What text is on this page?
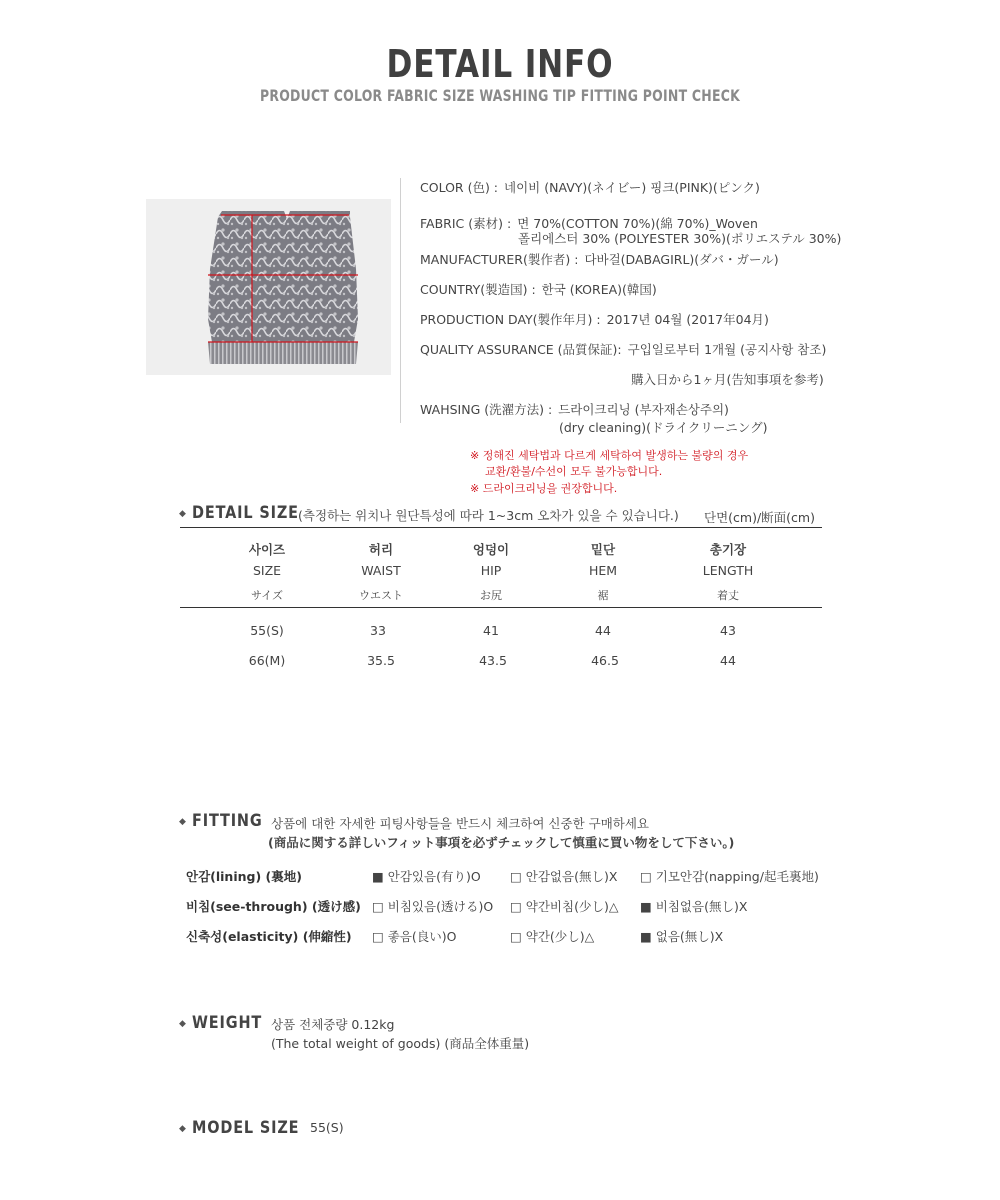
DETAIL INFO
PRODUCT COLOR FABRIC SIZE WASHING TIP FITTING POINT CHECK
COLOR (色) : 네이비 (NAVY)(ネイビー) 핑크(PINK)(ピンク)
FABRIC (素材) : 면 70%(COTTON 70%)(綿 70%)_Woven
폴리에스터 30% (POLYESTER 30%)(ポリエステル 30%)
MANUFACTURER(製作者) : 다바걸(DABAGIRL)(ダバ・ガール)
COUNTRY(製造国) : 한국 (KOREA)(韓国)
PRODUCTION DAY(製作年月) : 2017년 04월 (2017年04月)
QUALITY ASSURANCE (品質保証): 구입일로부터 1개월 (공지사항 참조)
購入日から1ヶ月(告知事項を参考)
WAHSING (洗濯方法) : 드라이크리닝 (부자재손상주의)
(dry cleaning)(ドライクリーニング)
※ 정해진 세탁법과 다르게 세탁하여 발생하는 불량의 경우
교환/환불/수선이 모두 불가능합니다.
※ 드라이크리닝을 권장합니다.
◆ DETAIL SIZE (측정하는 위치나 원단특성에 따라 1~3cm 오차가 있을 수 있습니다.) 단면(cm)/断面(cm)
사이즈	허리	엉덩이	밑단	총기장
SIZE	WAIST	HIP	HEM	LENGTH
サイズ	ウエスト	お尻	裾	着丈
55(S)	33	41	44	43
66(M)	35.5	43.5	46.5	44
◆ FITTING 상품에 대한 자세한 피팅사항들을 반드시 체크하여 신중한 구매하세요
(商品に関する詳しいフィット事項を必ずチェックして慎重に買い物をして下さい。)
안감(lining) (裏地)	■ 안감있음(有り)O □ 안감없음(無し)X □ 기모안감(napping/起毛裏地)
비침(see-through) (透け感) □ 비침있음(透ける)O □ 약간비침(少し)△ ■ 비침없음(無し)X
신축성(elasticity) (伸縮性) □ 좋음(良い)O	□ 약간(少し)△	■ 없음(無し)X
◆ WEIGHT 상품 전체중량 0.12kg
(The total weight of goods) (商品全体重量)
◆ MODEL SIZE 55(S)
